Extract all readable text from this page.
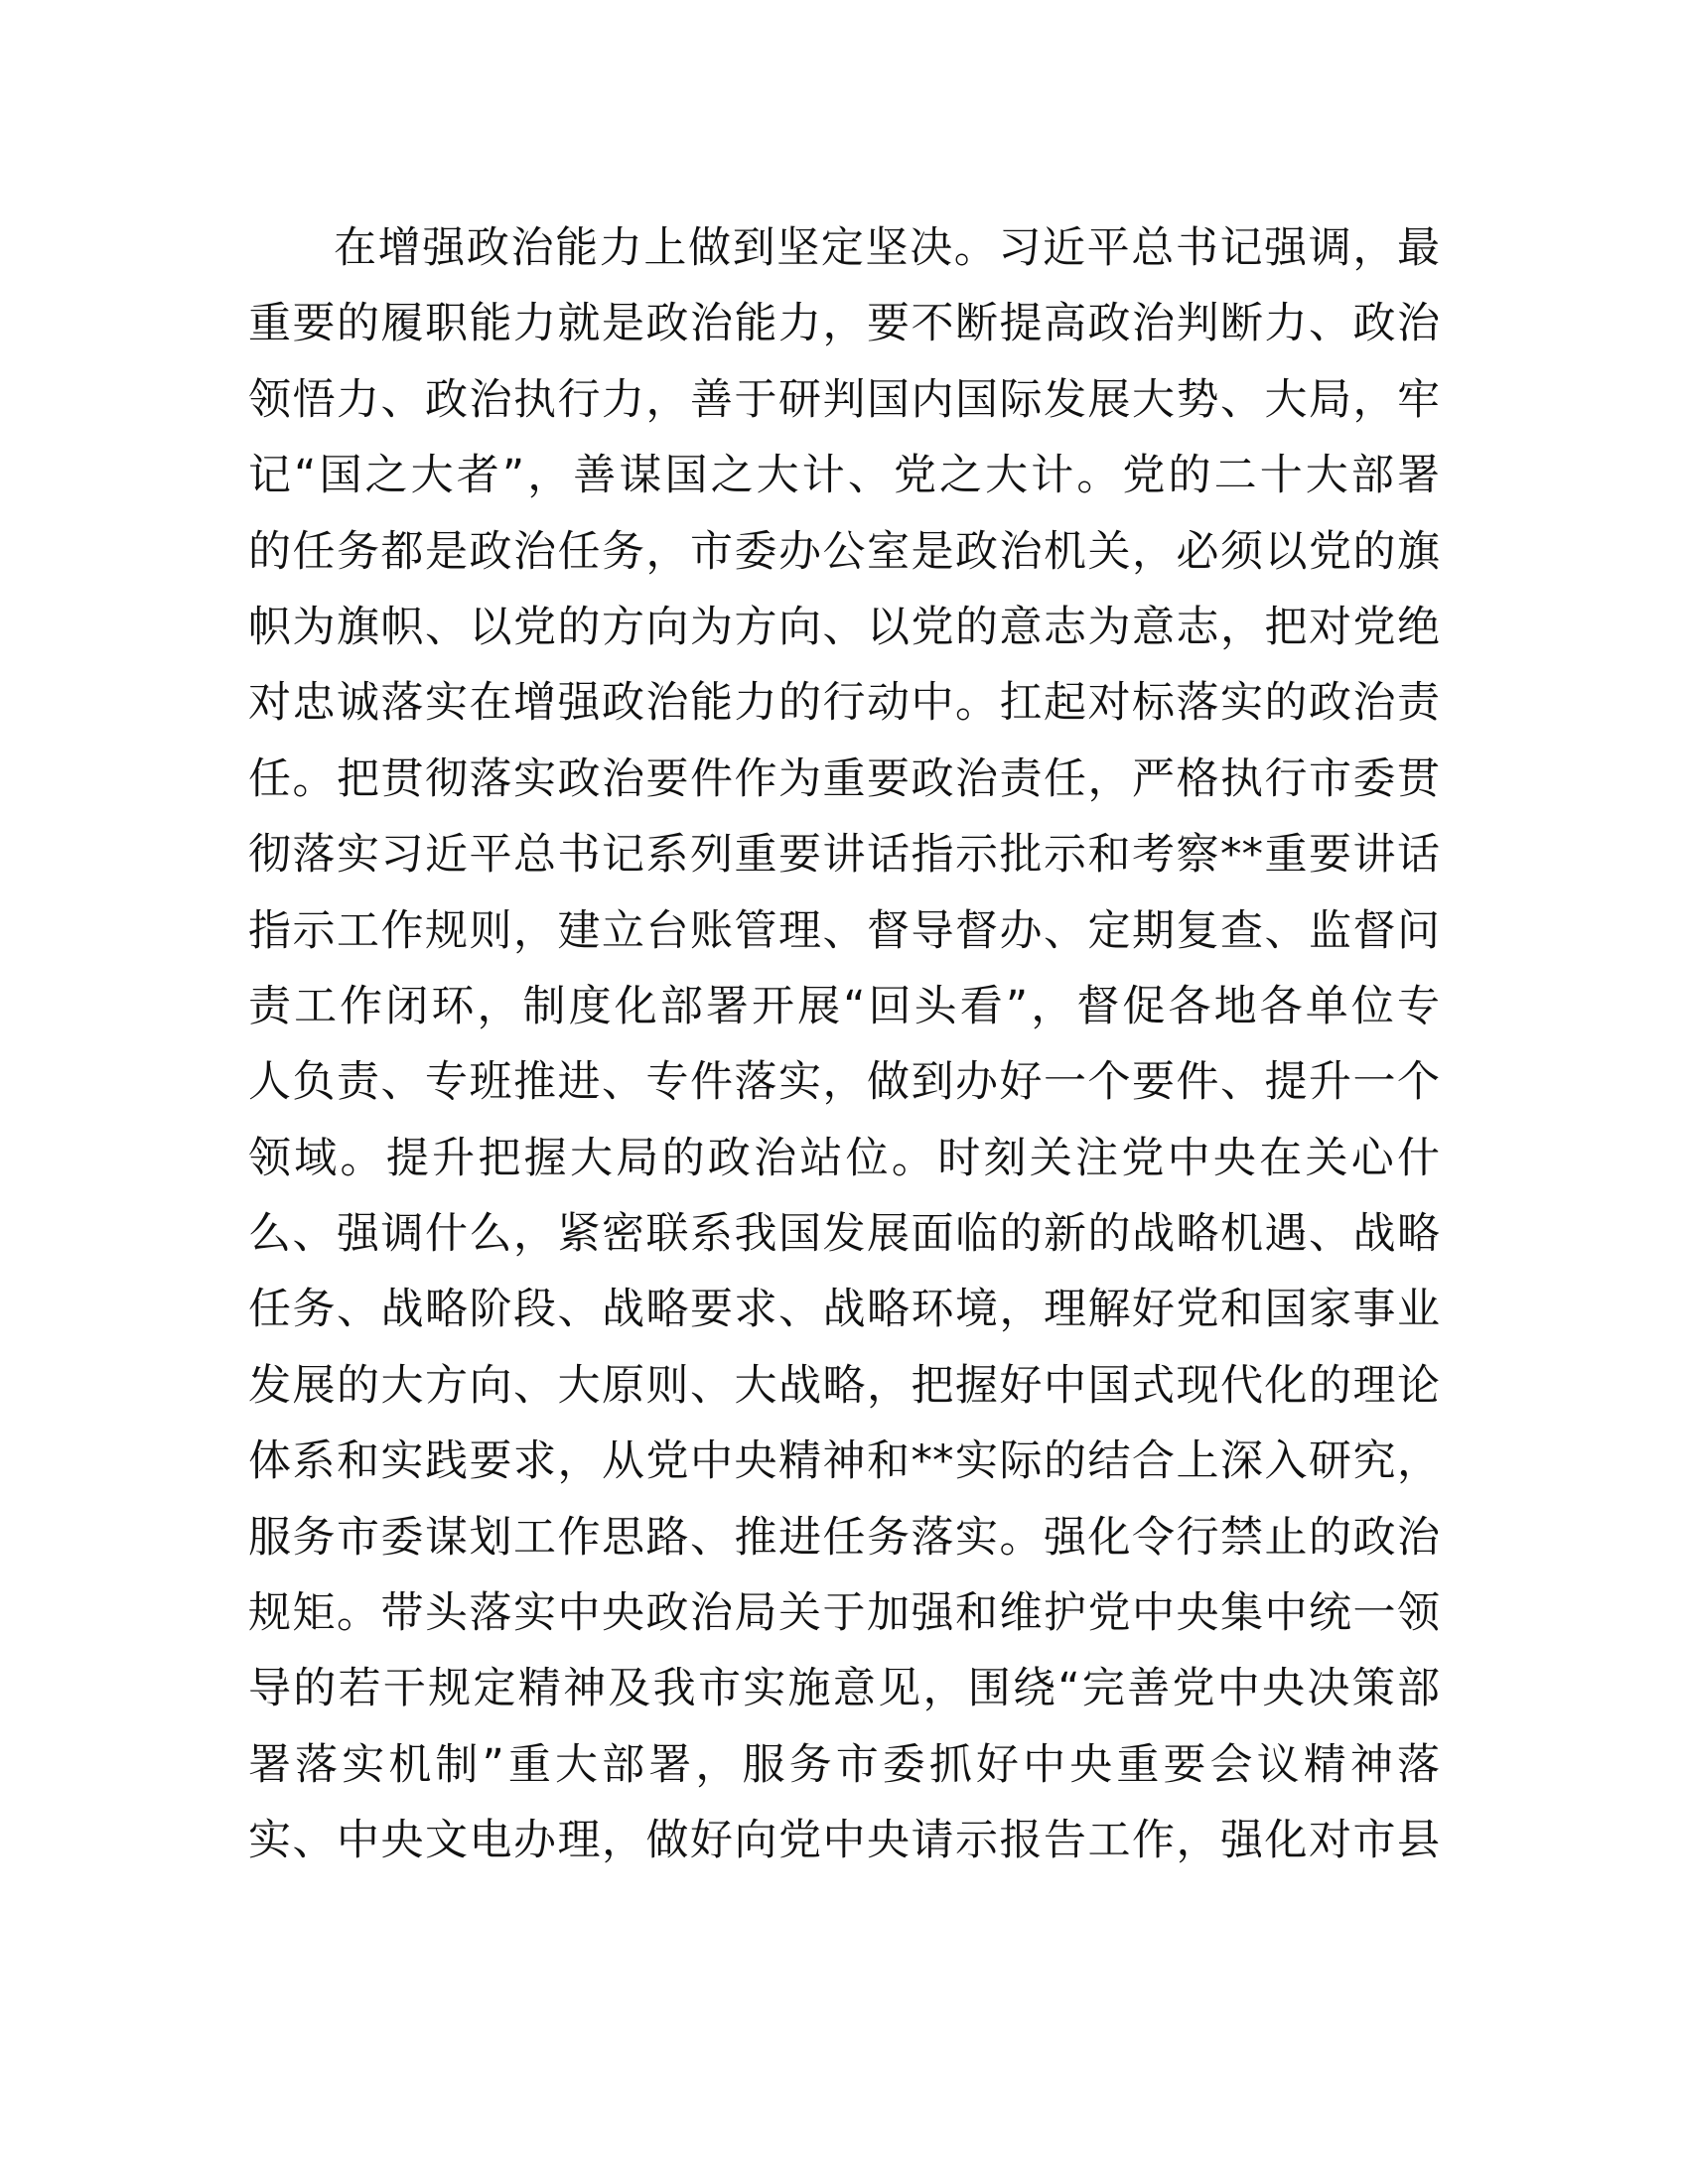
在增强政治能力上做到坚定坚决。习近平总书记强调，最
重要的履职能力就是政治能力，要不断提高政治判断力、政治
领悟力、政治执行力，善于研判国内国际发展大势、大局，牢
记“国之大者”，善谋国之大计、党之大计。党的二十大部署
的任务都是政治任务，市委办公室是政治机关，必须以党的旗
帜为旗帜、以党的方向为方向、以党的意志为意志，把对党绝
对忠诚落实在增强政治能力的行动中。扛起对标落实的政治责
任。把贯彻落实政治要件作为重要政治责任，严格执行市委贯
彻落实习近平总书记系列重要讲话指示批示和考察**重要讲话
指示工作规则，建立台账管理、督导督办、定期复查、监督问
责工作闭环，制度化部署开展“回头看”，督促各地各单位专
人负责、专班推进、专件落实，做到办好一个要件、提升一个
领域。提升把握大局的政治站位。时刻关注党中央在关心什
么、强调什么，紧密联系我国发展面临的新的战略机遇、战略
任务、战略阶段、战略要求、战略环境，理解好党和国家事业
发展的大方向、大原则、大战略，把握好中国式现代化的理论
体系和实践要求，从党中央精神和**实际的结合上深入研究，
服务市委谋划工作思路、推进任务落实。强化令行禁止的政治
规矩。带头落实中央政治局关于加强和维护党中央集中统一领
导的若干规定精神及我市实施意见，围绕“完善党中央决策部
署落实机制”重大部署，服务市委抓好中央重要会议精神落
实、中央文电办理，做好向党中央请示报告工作，强化对市县
